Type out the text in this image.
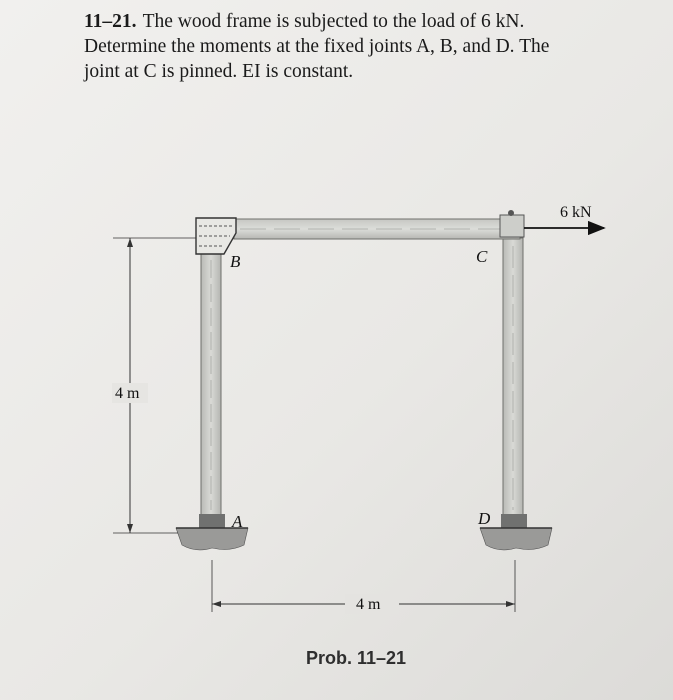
11–21. The wood frame is subjected to the load of 6 kN.
Determine the moments at the fixed joints A, B, and D. The
joint at C is pinned. EI is constant.
6 kN
4 m
4 m
A
B	C
D
Prob. 11–21
